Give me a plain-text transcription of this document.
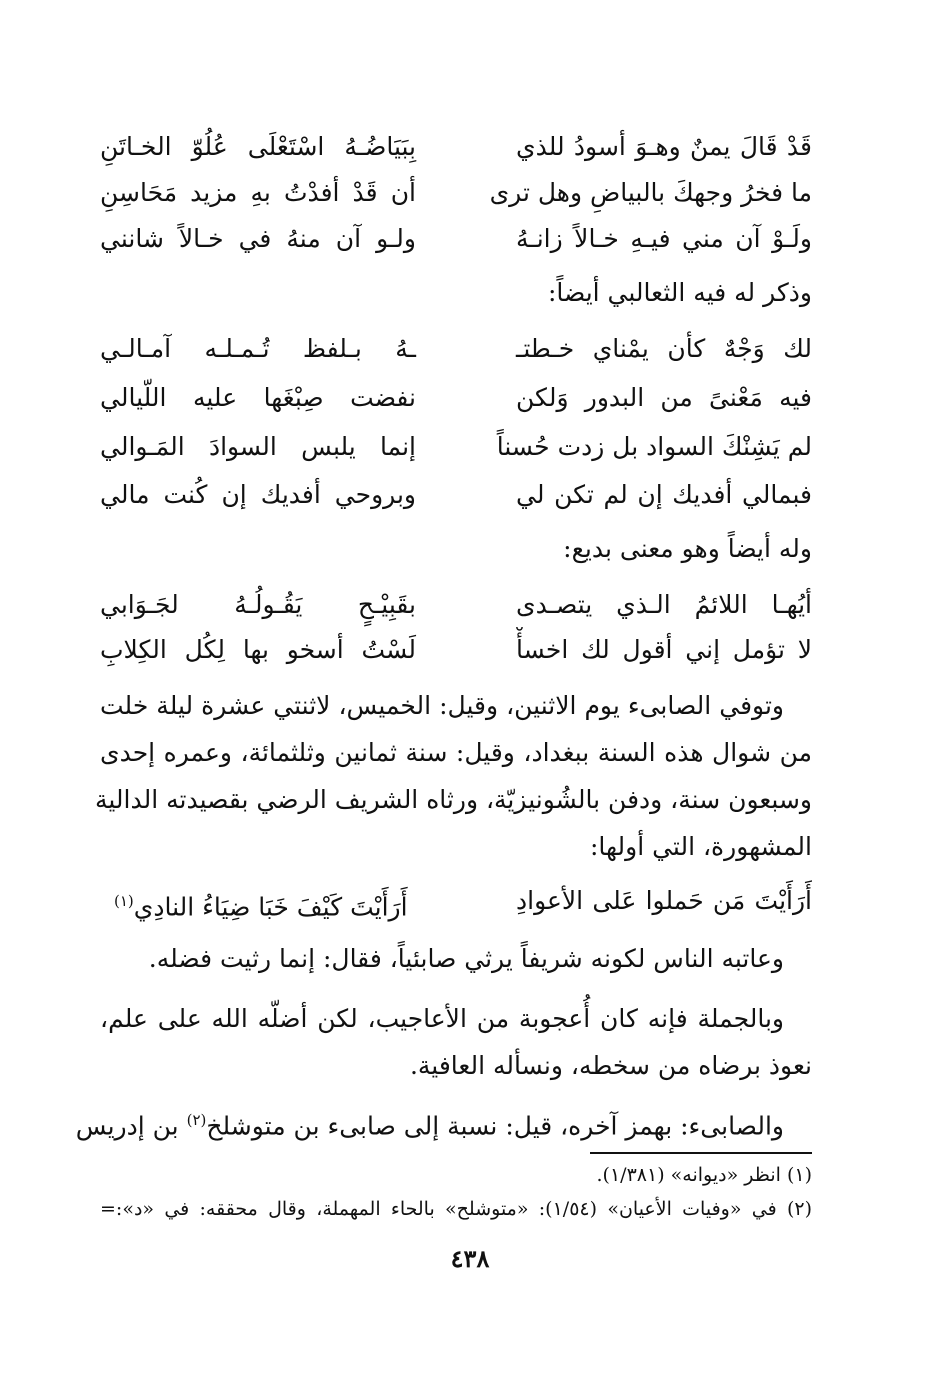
قَدْ قَالَ يمنٌ وهـوَ أسودُ للذي
بِبَيَاضُـهُ اسْتَعْلَى عُلُوّ الخـاتَنِ
ما فخرُ وجهكَ بالبياضِ وهل ترى
أن قَدْ أفدْتُ بهِ مزيد مَحَاسِنِ
ولَـوْ آن مني فيـهِ خـالاً زانـهُ
ولـو آن منهُ في خـالاً شانني
وذكر له فيه الثعالبي أيضاً:
لك وَجْهٌ كأن يمْناي خـطتـ
ـهُ بـلفظ تُـمـلـه آمـالـي
فيه مَعْنىً من البدور وَلكن
نفضت صِبْغَها عليه اللّيالي
لم يَشِنْكَ السواد بل زدت حُسناً
إنما يلبس السوادَ المَـوالي
فبمالي أفديك إن لم تكن لي
وبروحي أفديك إن كُنت مالي
وله أيضاً وهو معنى بديع:
أيُهـا اللائمُ الـذي يتصـدى
بقَبِيْـحٍ يَقُـولُـهُ لجَـوَابي
لا تؤمل إني أقول لك اخسأْ
لَسْتُ أسخو بها لِكُل الكِلابِ
وتوفي الصابىء يوم الاثنين، وقيل: الخميس، لاثنتي عشرة ليلة خلت
من شوال هذه السنة ببغداد، وقيل: سنة ثمانين وثلثمائة، وعمره إحدى
وسبعون سنة، ودفن بالشُونيزيّة، ورثاه الشريف الرضي بقصيدته الدالية
المشهورة، التي أولها:
أَرَأَيْتَ مَن حَملوا عَلى الأعوادِ
أَرَأَيْتَ كَيْفَ خَبَا ضِيَاءُ النادِي$^{(١)}$
وعاتبه الناس لكونه شريفاً يرثي صابئياً، فقال: إنما رثيت فضله.
وبالجملة فإنه كان أُعجوبة من الأعاجيب، لكن أضلّه الله على علم،
نعوذ برضاه من سخطه، ونسأله العافية.
والصابىء: بهمز آخره، قيل: نسبة إلى صابىء بن متوشلخ$^{(٢)}$ بن إدريس
(١) انظر «ديوانه» (١/٣٨١).
(٢) في «وفيات الأعيان» (١/٥٤): «متوشلح» بالحاء المهملة، وقال محققه: في «د»:=
٤٣٨
